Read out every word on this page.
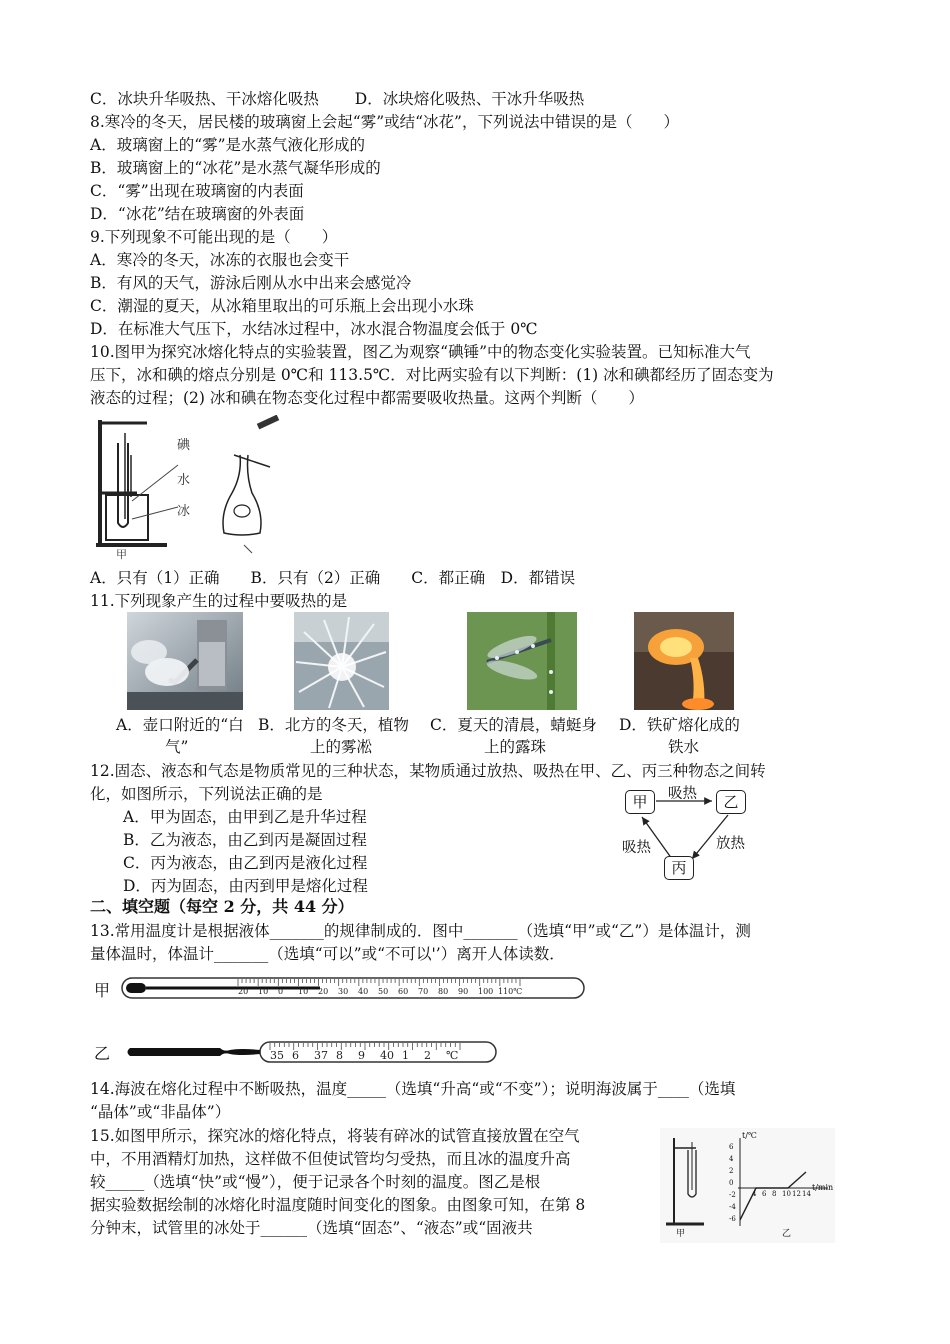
C．冰块升华吸热、干冰熔化吸热　　 D．冰块熔化吸热、干冰升华吸热
8.寒冷的冬天，居民楼的玻璃窗上会起“雾”或结“冰花”，下列说法中错误的是（　　）
A．玻璃窗上的“雾”是水蒸气液化形成的
B．玻璃窗上的“冰花”是水蒸气凝华形成的
C．“雾”出现在玻璃窗的内表面
D．“冰花”结在玻璃窗的外表面
9.下列现象不可能出现的是（　　）
A．寒冷的冬天，冰冻的衣服也会变干
B．有风的天气，游泳后刚从水中出来会感觉冷
C．潮湿的夏天，从冰箱里取出的可乐瓶上会出现小水珠
D．在标准大气压下，水结冰过程中，冰水混合物温度会低于 0℃
10.图甲为探究冰熔化特点的实验装置，图乙为观察“碘锤”中的物态变化实验装置。已知标准大气
压下，冰和碘的熔点分别是 0℃和 113.5℃．对比两实验有以下判断：(1) 冰和碘都经历了固态变为
液态的过程；(2) 冰和碘在物态变化过程中都需要吸收热量。这两个判断（　　）
碘
水
冰
甲
A．只有（1）正确　　B．只有（2）正确　　C．都正确　D．都错误
11.下列现象产生的过程中要吸热的是
A．壶口附近的“白
气”
B．北方的冬天，植物
上的雾凇
C．夏天的清晨，蜻蜓身
上的露珠
D．铁矿熔化成的
铁水
12.固态、液态和气态是物质常见的三种状态，某物质通过放热、吸热在甲、乙、丙三种物态之间转
化，如图所示，下列说法正确的是
A．甲为固态，由甲到乙是升华过程
B．乙为液态，由乙到丙是凝固过程
C．丙为液态，由乙到丙是液化过程
D．丙为固态，由丙到甲是熔化过程
甲	乙
丙
吸热
放热
吸热
二、填空题（每空 2 分，共 44 分）
13.常用温度计是根据液体_______的规律制成的．图中_______（选填“甲”或“乙”）是体温计，测
量体温时，体温计_______（选填“可以”或“不可以'’）离开人体读数．
甲	20 10 0 10 20 30 40 50 60 70 80 90 100 110℃
乙	35 6 37 8 9 40 1 2 ℃
14.海波在熔化过程中不断吸热，温度_____（选填“升高“或“不变”）；说明海波属于____（选填
“晶体”或“非晶体”）
15.如图甲所示，探究冰的熔化特点，将装有碎冰的试管直接放置在空气
中，不用酒精灯加热，这样做不但使试管均匀受热，而且冰的温度升高
较_____（选填“快”或“慢”），便于记录各个时刻的温度。图乙是根
据实验数据绘制的冰熔化时温度随时间变化的图象。由图象可知，在第 8
分钟末，试管里的冰处于______（选填“固态”、“液态”或“固液共
t/℃
t/min
6
4
2
0
-2
-4
-6
4 6 8 10 12 14
甲	乙
